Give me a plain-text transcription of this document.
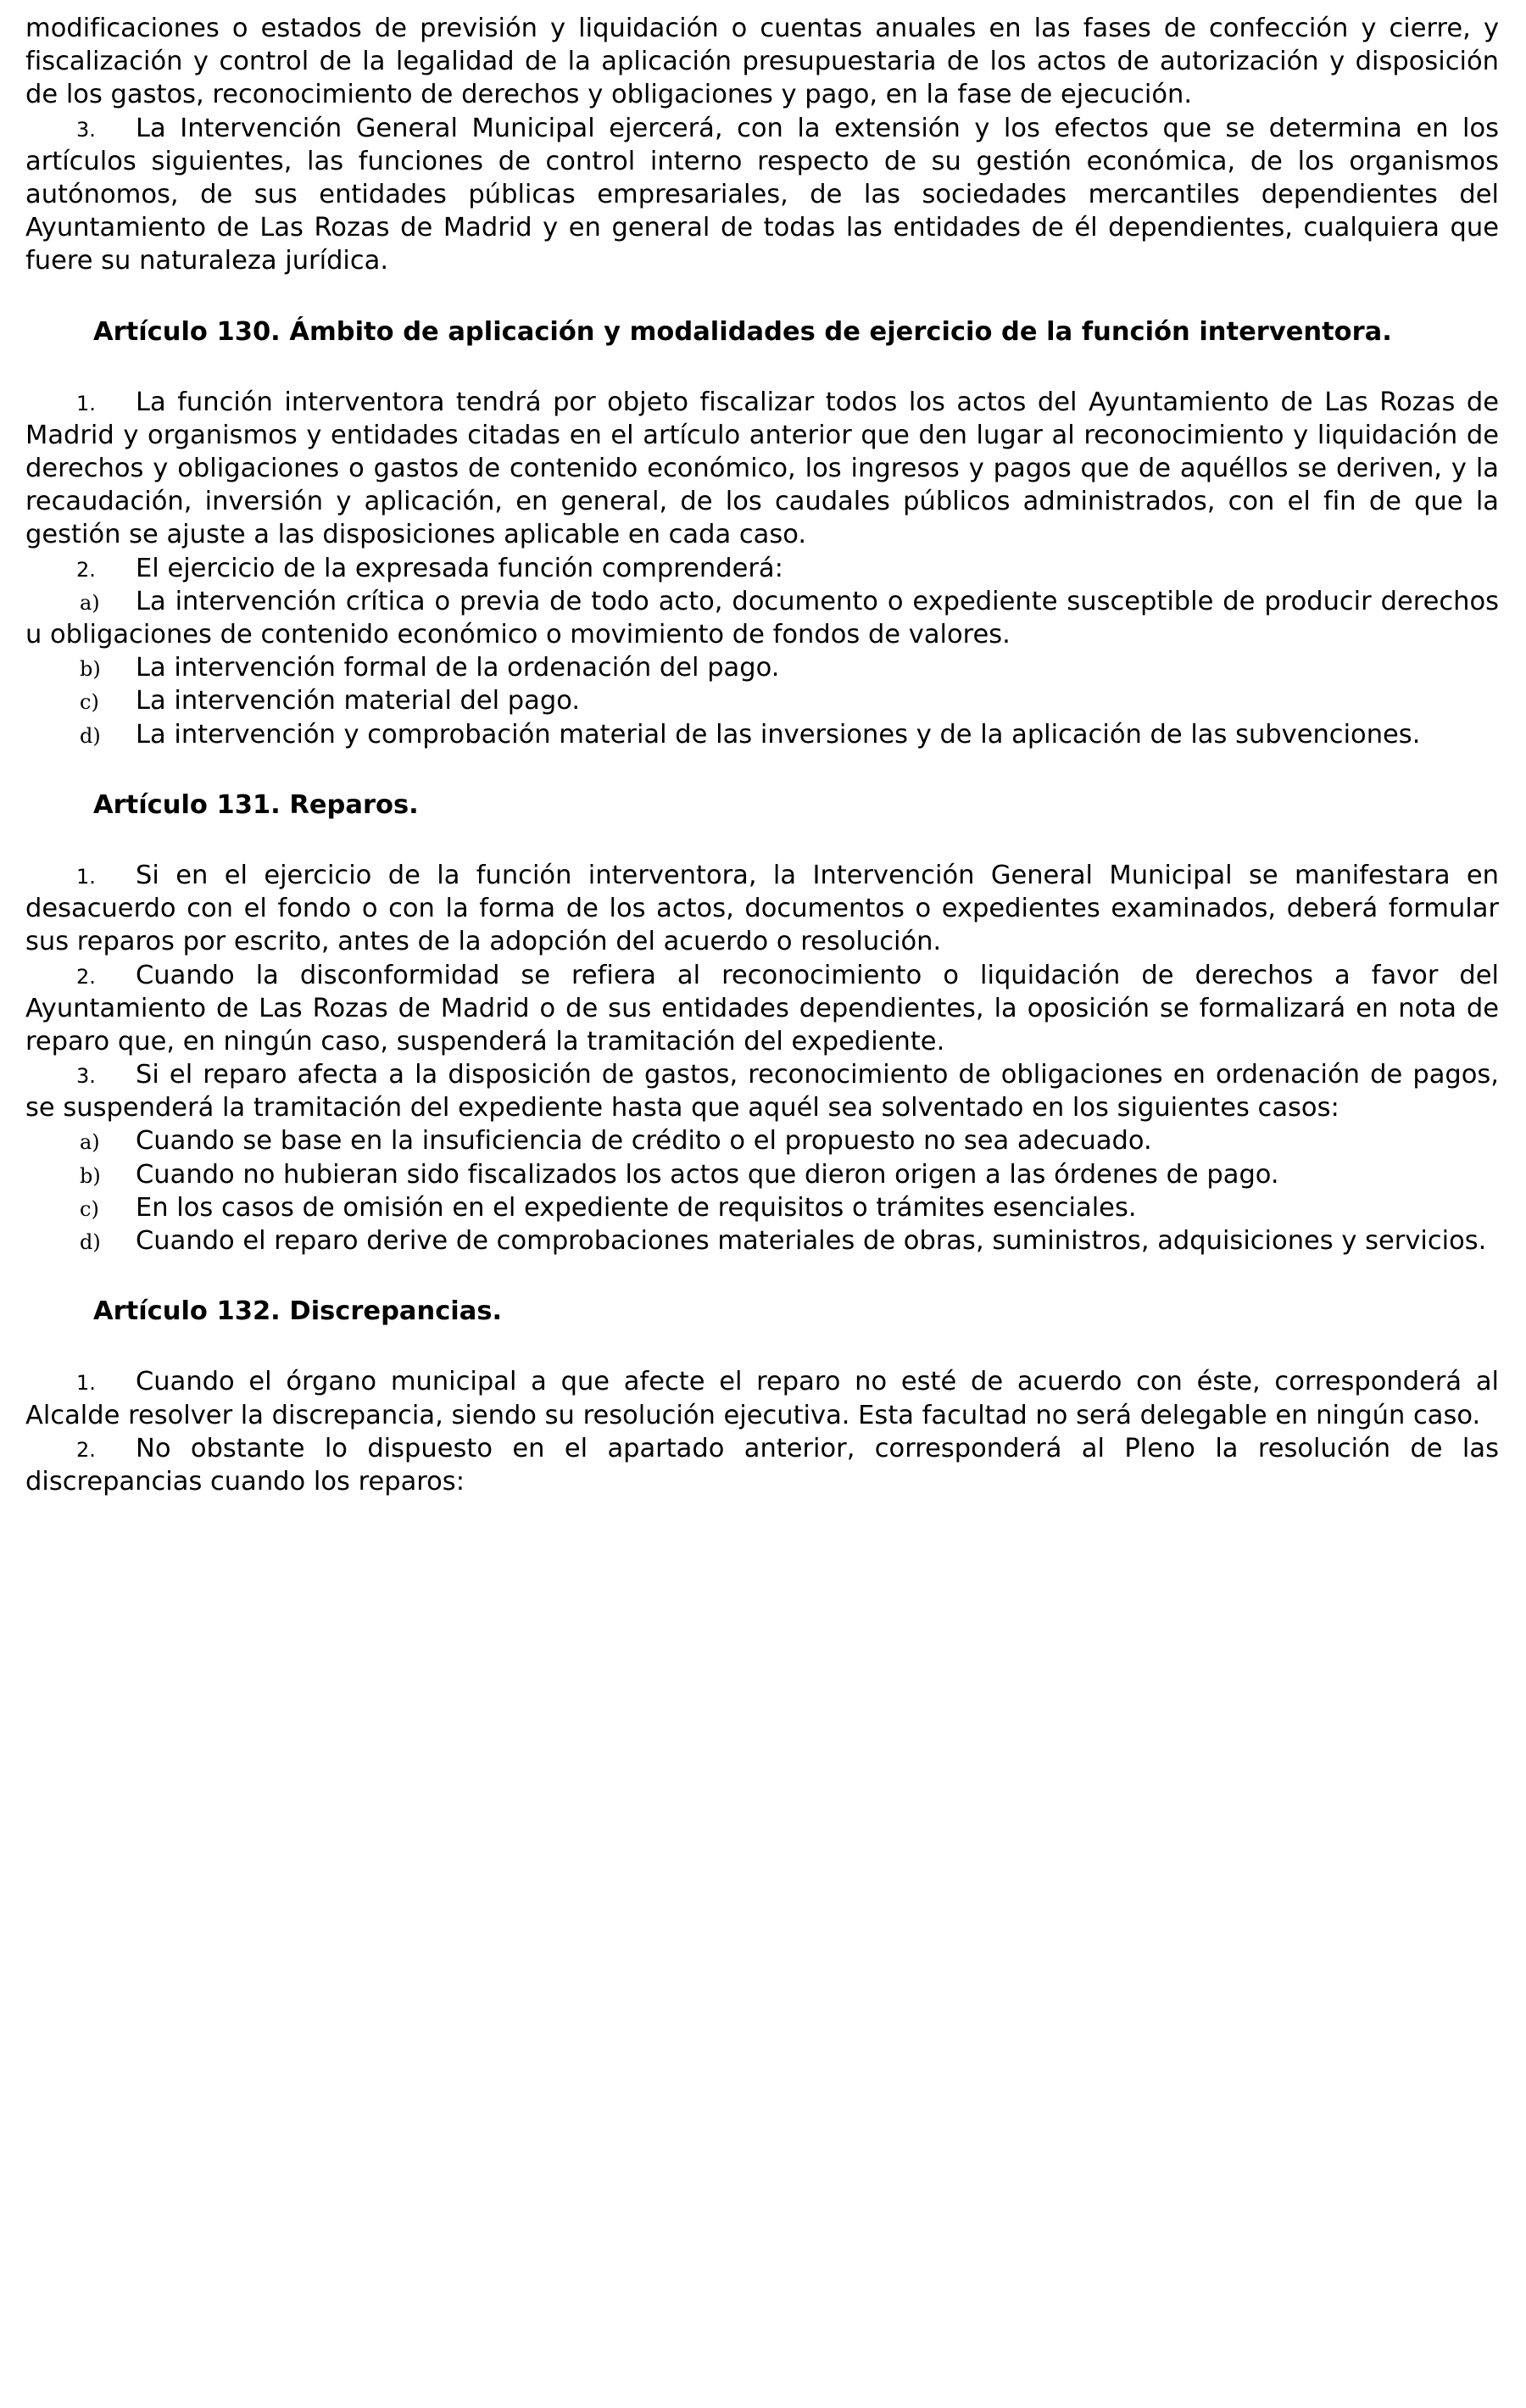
modificaciones o estados de previsión y liquidación o cuentas anuales en las fases de confección y cierre, y fiscalización y control de la legalidad de la aplicación presupuestaria de los actos de autorización y disposición de los gastos, reconocimiento de derechos y obligaciones y pago, en la fase de ejecución.

3. La Intervención General Municipal ejercerá, con la extensión y los efectos que se determina en los artículos siguientes, las funciones de control interno respecto de su gestión económica, de los organismos autónomos, de sus entidades públicas empresariales, de las sociedades mercantiles dependientes del Ayuntamiento de Las Rozas de Madrid y en general de todas las entidades de él dependientes, cualquiera que fuere su naturaleza jurídica.

Artículo 130. Ámbito de aplicación y modalidades de ejercicio de la función interventora.

1. La función interventora tendrá por objeto fiscalizar todos los actos del Ayuntamiento de Las Rozas de Madrid y organismos y entidades citadas en el artículo anterior que den lugar al reconocimiento y liquidación de derechos y obligaciones o gastos de contenido económico, los ingresos y pagos que de aquéllos se deriven, y la recaudación, inversión y aplicación, en general, de los caudales públicos administrados, con el fin de que la gestión se ajuste a las disposiciones aplicable en cada caso.

2. El ejercicio de la expresada función comprenderá:

a) La intervención crítica o previa de todo acto, documento o expediente susceptible de producir derechos u obligaciones de contenido económico o movimiento de fondos de valores.

b) La intervención formal de la ordenación del pago.

c) La intervención material del pago.

d) La intervención y comprobación material de las inversiones y de la aplicación de las subvenciones.

Artículo 131. Reparos.

1. Si en el ejercicio de la función interventora, la Intervención General Municipal se manifestara en desacuerdo con el fondo o con la forma de los actos, documentos o expedientes examinados, deberá formular sus reparos por escrito, antes de la adopción del acuerdo o resolución.

2. Cuando la disconformidad se refiera al reconocimiento o liquidación de derechos a favor del Ayuntamiento de Las Rozas de Madrid o de sus entidades dependientes, la oposición se formalizará en nota de reparo que, en ningún caso, suspenderá la tramitación del expediente.

3. Si el reparo afecta a la disposición de gastos, reconocimiento de obligaciones en ordenación de pagos, se suspenderá la tramitación del expediente hasta que aquél sea solventado en los siguientes casos:

a) Cuando se base en la insuficiencia de crédito o el propuesto no sea adecuado.

b) Cuando no hubieran sido fiscalizados los actos que dieron origen a las órdenes de pago.

c) En los casos de omisión en el expediente de requisitos o trámites esenciales.

d) Cuando el reparo derive de comprobaciones materiales de obras, suministros, adquisiciones y servicios.

Artículo 132. Discrepancias.

1. Cuando el órgano municipal a que afecte el reparo no esté de acuerdo con éste, corresponderá al Alcalde resolver la discrepancia, siendo su resolución ejecutiva. Esta facultad no será delegable en ningún caso.

2. No obstante lo dispuesto en el apartado anterior, corresponderá al Pleno la resolución de las discrepancias cuando los reparos:
